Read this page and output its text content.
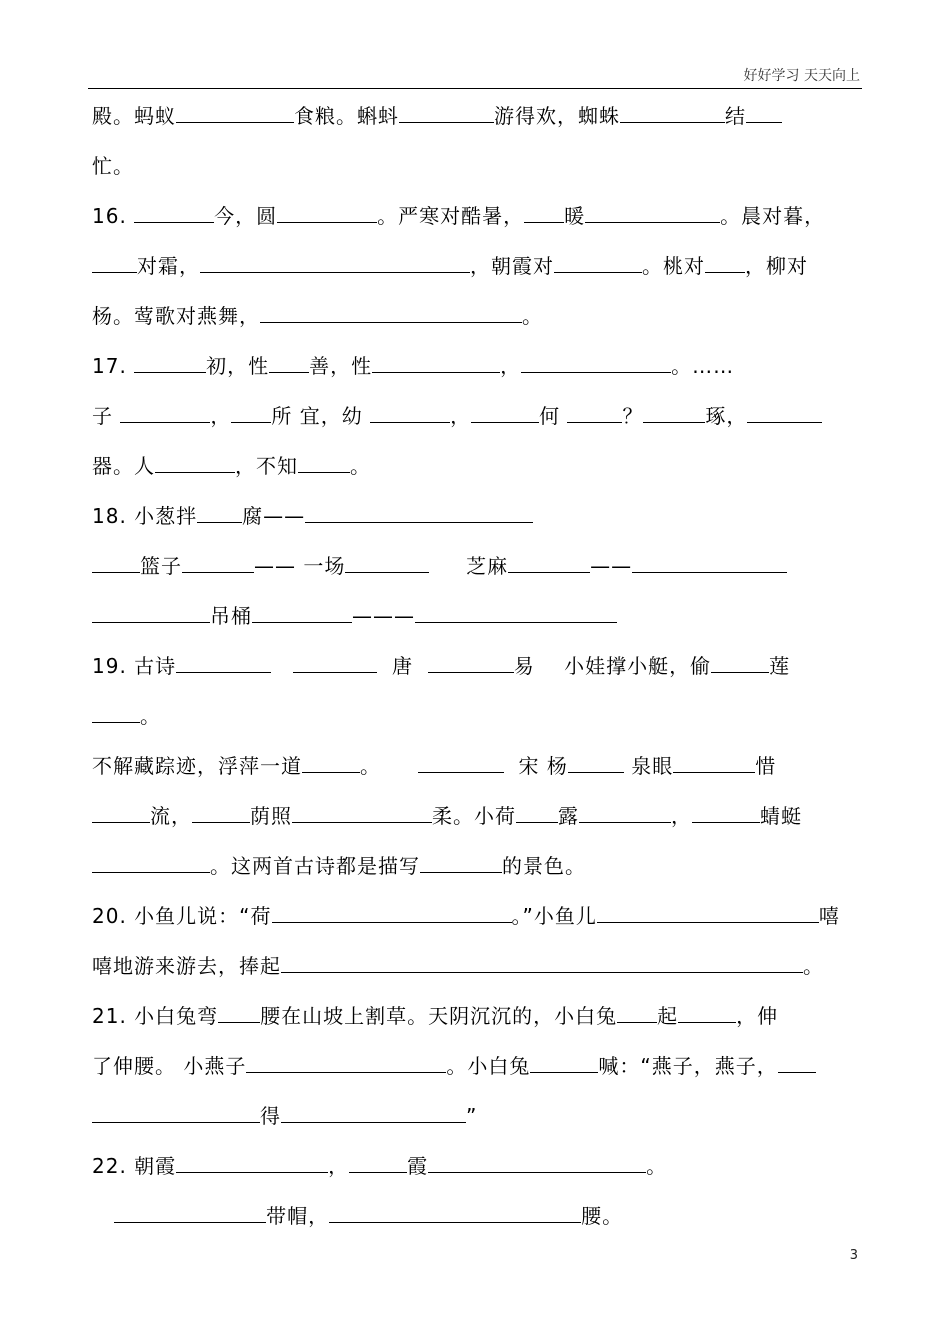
好好学习 天天向上
殿。蚂蚁	食粮。蝌蚪	游得欢，蜘蛛	结
忙。
16.	今，圆	。严寒对酷暑， 暖	。晨对暮，
对霜，	，朝霞对	。桃对 ，柳对
杨。莺歌对燕舞，	。
17.	初，性 善，性	，	。……
子	， 所 宜，幼	，	何	？	琢，
器。人	，不知	。
18. 小葱拌 腐——
篮子	—— 一场	芝麻	——
吊桶	———
19. 古诗	唐	易    小娃撑小艇，偷	莲
。
不解藏踪迹，浮萍一道	。	宋 杨	泉眼	惜
流，	荫照	柔。小荷 露	，	蜻蜓
。这两首古诗都是描写	的景色。
20. 小鱼儿说：“荷	。”小鱼儿	嘻
嘻地游来游去，捧起	。
21. 小白兔弯 腰在山坡上割草。天阴沉沉的，小白兔 起	，伸
了伸腰。 小燕子	。小白兔	喊：“燕子，燕子，
得	”
22. 朝霞	，	霞	。
带帽，	腰。
3
